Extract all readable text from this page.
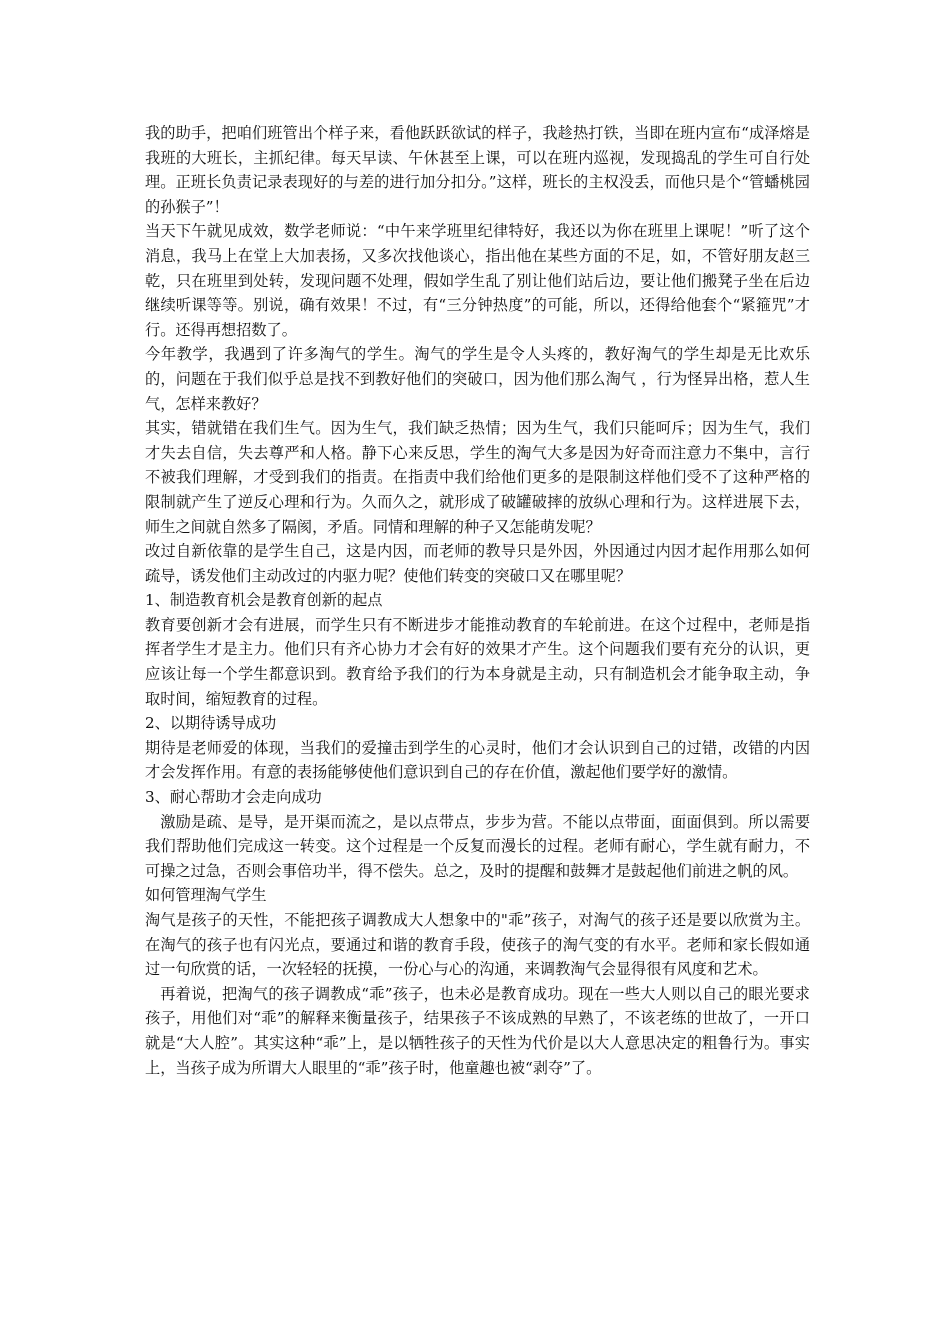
我的助手，把咱们班管出个样子来，看他跃跃欲试的样子，我趁热打铁，当即在班内宣布“成泽熔是我班的大班长，主抓纪律。每天早读、午休甚至上课，可以在班内巡视，发现捣乱的学生可自行处理。正班长负责记录表现好的与差的进行加分扣分。”这样，班长的主权没丢，而他只是个“管蟠桃园的孙猴子”！

当天下午就见成效，数学老师说：“中午来学班里纪律特好，我还以为你在班里上课呢！”听了这个消息，我马上在堂上大加表扬，又多次找他谈心，指出他在某些方面的不足，如，不管好朋友赵三乾，只在班里到处转，发现问题不处理，假如学生乱了别让他们站后边，要让他们搬凳子坐在后边继续听课等等。别说，确有效果！不过，有“三分钟热度”的可能，所以，还得给他套个“紧箍咒”才行。还得再想招数了。

今年教学，我遇到了许多淘气的学生。淘气的学生是令人头疼的，教好淘气的学生却是无比欢乐的，问题在于我们似乎总是找不到教好他们的突破口，因为他们那么淘气 ，行为怪异出格，惹人生气，怎样来教好？

其实，错就错在我们生气。因为生气，我们缺乏热情；因为生气，我们只能呵斥；因为生气，我们才失去自信，失去尊严和人格。静下心来反思，学生的淘气大多是因为好奇而注意力不集中，言行不被我们理解，才受到我们的指责。在指责中我们给他们更多的是限制这样他们受不了这种严格的限制就产生了逆反心理和行为。久而久之，就形成了破罐破摔的放纵心理和行为。这样进展下去，师生之间就自然多了隔阂，矛盾。同情和理解的种子又怎能萌发呢？

改过自新依靠的是学生自己，这是内因，而老师的教导只是外因，外因通过内因才起作用那么如何疏导，诱发他们主动改过的内驱力呢？使他们转变的突破口又在哪里呢？

1、制造教育机会是教育创新的起点

教育要创新才会有进展，而学生只有不断进步才能推动教育的车轮前进。在这个过程中，老师是指挥者学生才是主力。他们只有齐心协力才会有好的效果才产生。这个问题我们要有充分的认识，更应该让每一个学生都意识到。教育给予我们的行为本身就是主动，只有制造机会才能争取主动，争取时间，缩短教育的过程。

2、以期待诱导成功

期待是老师爱的体现，当我们的爱撞击到学生的心灵时，他们才会认识到自己的过错，改错的内因才会发挥作用。有意的表扬能够使他们意识到自己的存在价值，激起他们要学好的激情。

3、耐心帮助才会走向成功

激励是疏、是导，是开渠而流之，是以点带点，步步为营。不能以点带面，面面俱到。所以需要我们帮助他们完成这一转变。这个过程是一个反复而漫长的过程。老师有耐心，学生就有耐力，不可操之过急，否则会事倍功半，得不偿失。总之，及时的提醒和鼓舞才是鼓起他们前进之帆的风。

如何管理淘气学生

淘气是孩子的天性，不能把孩子调教成大人想象中的"乖”孩子，对淘气的孩子还是要以欣赏为主。在淘气的孩子也有闪光点，要通过和谐的教育手段，使孩子的淘气变的有水平。老师和家长假如通过一句欣赏的话，一次轻轻的抚摸，一份心与心的沟通，来调教淘气会显得很有风度和艺术。

再着说，把淘气的孩子调教成“乖”孩子，也未必是教育成功。现在一些大人则以自己的眼光要求孩子，用他们对“乖”的解释来衡量孩子，结果孩子不该成熟的早熟了，不该老练的世故了，一开口就是“大人腔”。其实这种“乖”上，是以牺牲孩子的天性为代价是以大人意思决定的粗鲁行为。事实上，当孩子成为所谓大人眼里的“乖”孩子时，他童趣也被“剥夺”了。
